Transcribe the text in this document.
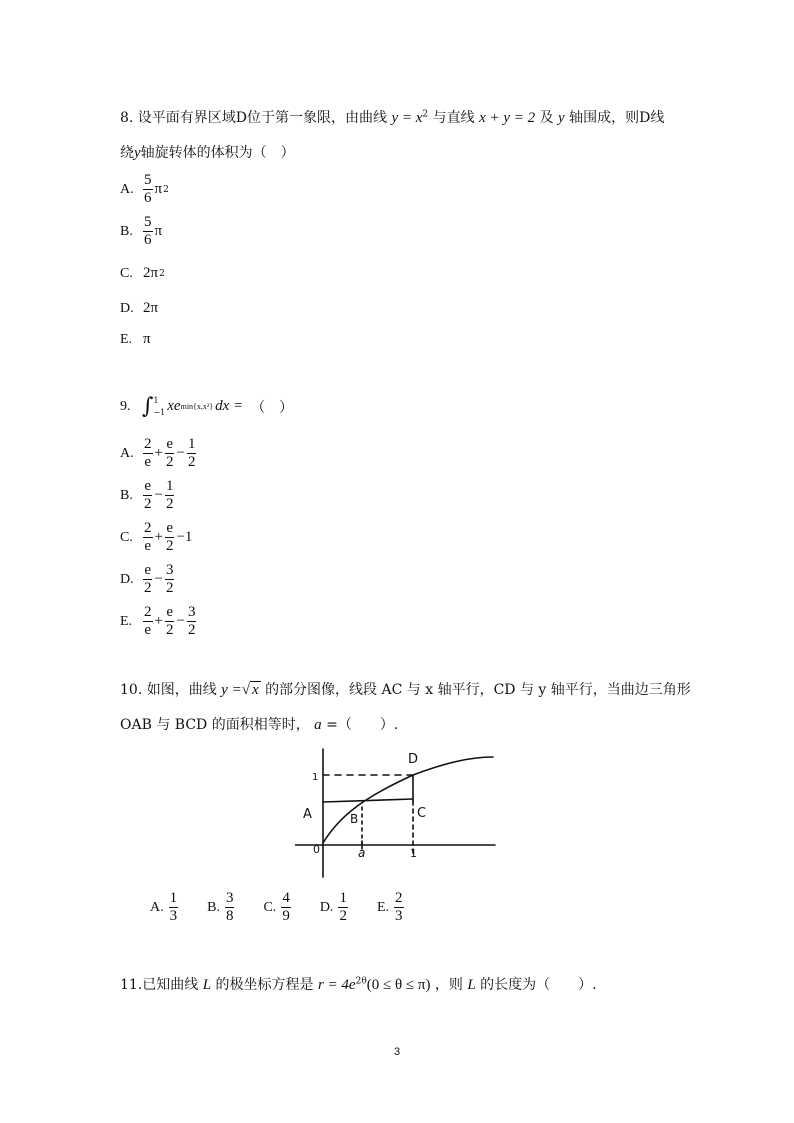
8. 设平面有界区域D位于第一象限，由曲线 $y = x^2$ 与直线 x + y = 2 及 y 轴围成，则D线
绕y轴旋转体的体积为（　）
A. $\frac{5}{6}$ π 2
B. $\frac{5}{6}$ π
C. 2π 2
D. 2π
E. π
9. ∫ 1
−1 xe min{x,x²} dx = （　）
A. $\frac{2}{e} + \frac{e}{2} - \frac{1}{2}$
B. $\frac{e}{2} - \frac{1}{2}$
C. $\frac{2}{e} + \frac{e}{2} -1$
D. $\frac{e}{2} - \frac{3}{2}$
E. $\frac{2}{e} + \frac{e}{2} - \frac{3}{2}$
10. 如图，曲线 y =√ x 的部分图像，线段 AC 与 x 轴平行，CD 与 y 轴平行，当曲边三角形
OAB 与 BCD 的面积相等时， a =（　　）.
D
A	B	C
0	a	1
1
A. $\frac{1}{3} B$. $\frac{3}{8} C$. $\frac{4}{9} D$. $\frac{1}{2} E$. $\frac{2}{3}$
11.已知曲线 L 的极坐标方程是 $r = 4e^{2\theta}(0 \le \theta \le \pi)$ ，则 L 的长度为（　　）.
3
